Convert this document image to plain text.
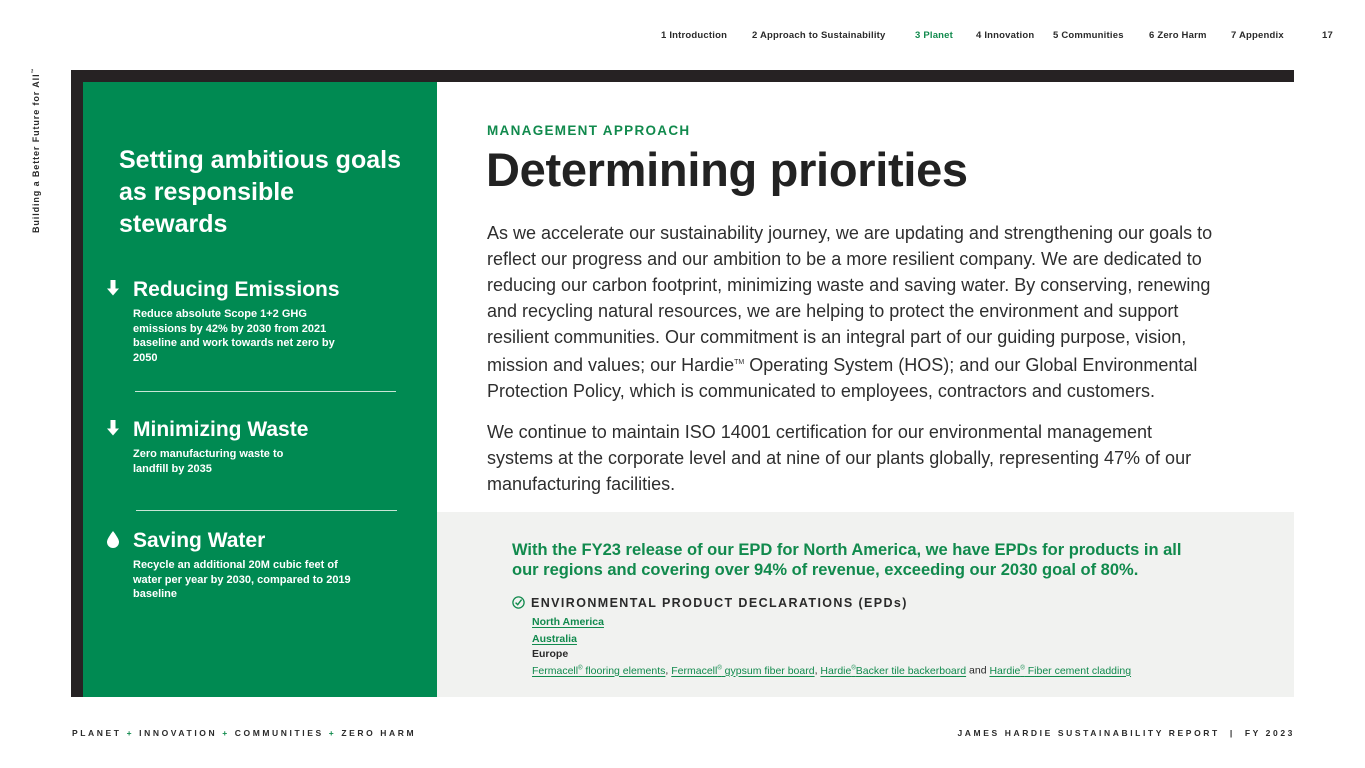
1 Introduction	2 Approach to Sustainability	3 Planet 4 Innovation 5 Communities	6 Zero Harm	7 Appendix	17
Building a Better Future for All™
Setting ambitious goals as responsible stewards
Reducing Emissions
Reduce absolute Scope 1+2 GHG emissions by 42% by 2030 from 2021 baseline and work towards net zero by 2050
Minimizing Waste
Zero manufacturing waste to landfill by 2035
Saving Water
Recycle an additional 20M cubic feet of water per year by 2030, compared to 2019 baseline
MANAGEMENT APPROACH
Determining priorities

As we accelerate our sustainability journey, we are updating and strengthening our goals to reflect our progress and our ambition to be a more resilient company. We are dedicated to reducing our carbon footprint, minimizing waste and saving water. By conserving, renewing and recycling natural resources, we are helping to protect the environment and support resilient communities. Our commitment is an integral part of our guiding purpose, vision, mission and values; our Hardie™ Operating System (HOS); and our Global Environmental Protection Policy, which is communicated to employees, contractors and customers.

We continue to maintain ISO 14001 certification for our environmental management systems at the corporate level and at nine of our plants globally, representing 47% of our manufacturing facilities.

With the FY23 release of our EPD for North America, we have EPDs for products in all our regions and covering over 94% of revenue, exceeding our 2030 goal of 80%.

ENVIRONMENTAL PRODUCT DECLARATIONS (EPDs)
North America
Australia
Europe
Fermacell® flooring elements, Fermacell® gypsum fiber board, Hardie®Backer tile backerboard and Hardie® Fiber cement cladding
PLANET + INNOVATION + COMMUNITIES + ZERO HARM	JAMES HARDIE SUSTAINABILITY REPORT | FY 2023
